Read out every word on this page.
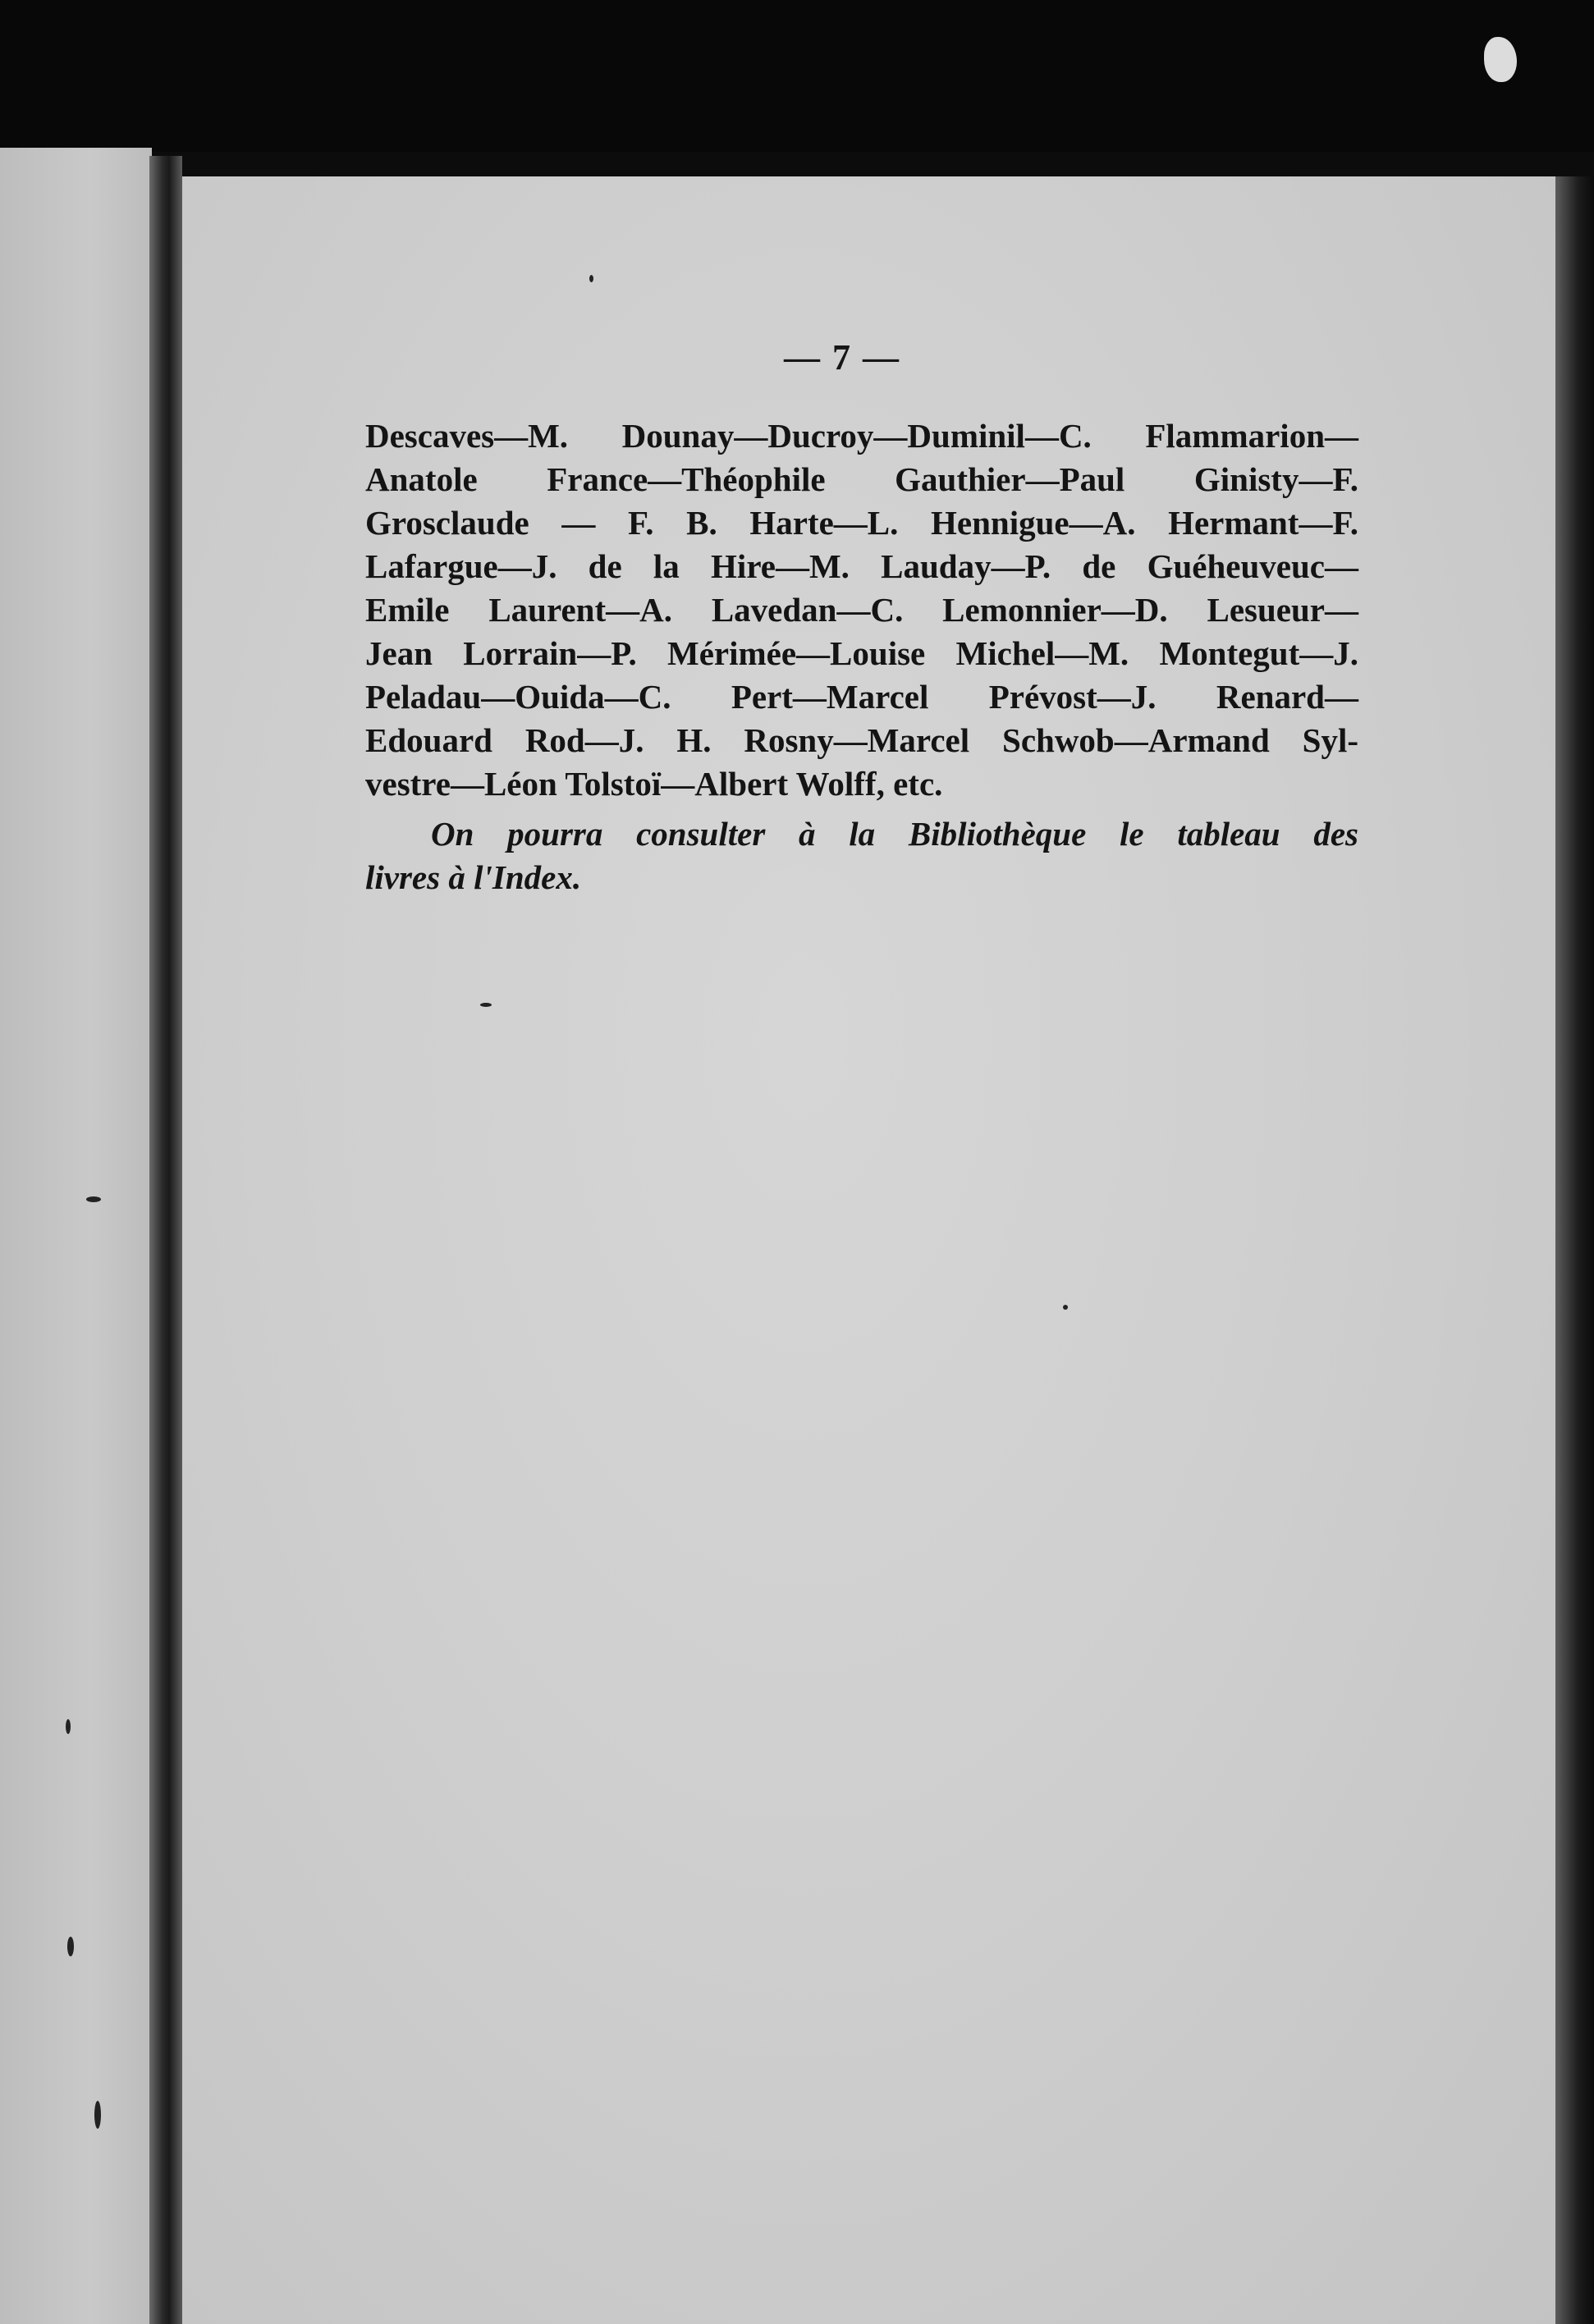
— 7 —
Descaves—M. Dounay—Ducroy—Duminil—C. Flammarion—
Anatole France—Théophile Gauthier—Paul Ginisty—F.
Grosclaude — F. B. Harte—L. Hennigue—A. Hermant—F.
Lafargue—J. de la Hire—M. Lauday—P. de Guéheuveuc—
Emile Laurent—A. Lavedan—C. Lemonnier—D. Lesueur—
Jean Lorrain—P. Mérimée—Louise Michel—M. Montegut—J.
Peladau—Ouida—C. Pert—Marcel Prévost—J. Renard—
Edouard Rod—J. H. Rosny—Marcel Schwob—Armand Syl-
vestre—Léon Tolstoï—Albert Wolff, etc.
On pourra consulter à la Bibliothèque le tableau des
livres à l'Index.
